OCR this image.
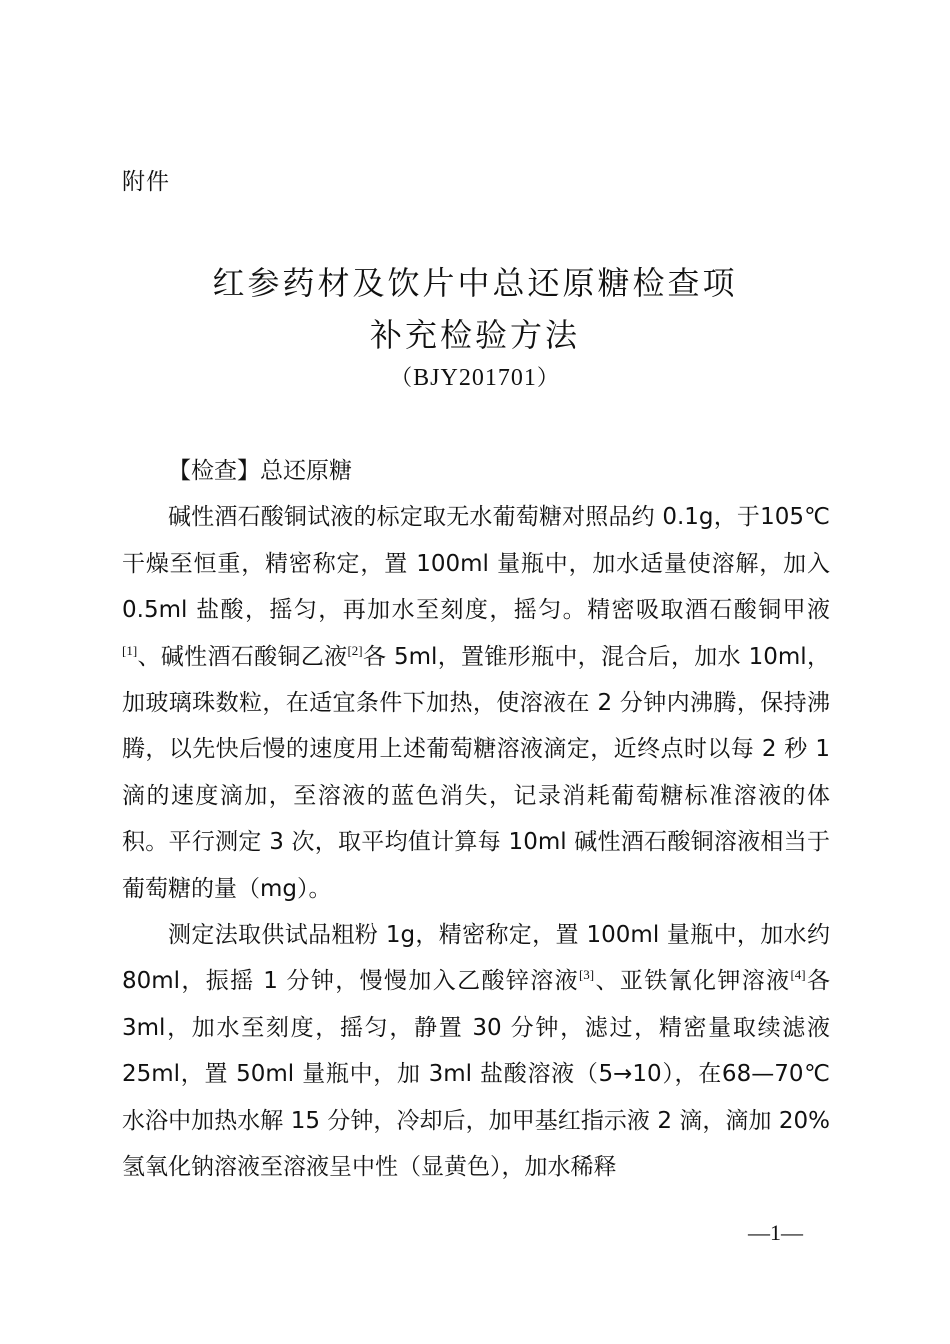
附件
红参药材及饮片中总还原糖检查项
补充检验方法
（BJY201701）
【检查】总还原糖

碱性酒石酸铜试液的标定取无水葡萄糖对照品约 0.1g，于105℃干燥至恒重，精密称定，置 100ml 量瓶中，加水适量使溶解，加入 0.5ml 盐酸，摇匀，再加水至刻度，摇匀。精密吸取酒石酸铜甲液[1]、碱性酒石酸铜乙液[2]各 5ml，置锥形瓶中，混合后，加水 10ml，加玻璃珠数粒，在适宜条件下加热，使溶液在 2 分钟内沸腾，保持沸腾，以先快后慢的速度用上述葡萄糖溶液滴定，近终点时以每 2 秒 1 滴的速度滴加，至溶液的蓝色消失，记录消耗葡萄糖标准溶液的体积。平行测定 3 次，取平均值计算每 10ml 碱性酒石酸铜溶液相当于葡萄糖的量（mg）。

测定法取供试品粗粉 1g，精密称定，置 100ml 量瓶中，加水约 80ml，振摇 1 分钟，慢慢加入乙酸锌溶液[3]、亚铁氰化钾溶液[4]各 3ml，加水至刻度，摇匀，静置 30 分钟，滤过，精密量取续滤液 25ml，置 50ml 量瓶中，加 3ml 盐酸溶液（5→10），在68—70℃水浴中加热水解 15 分钟，冷却后，加甲基红指示液 2 滴，滴加 20%氢氧化钠溶液至溶液呈中性（显黄色），加水稀释

—1—
